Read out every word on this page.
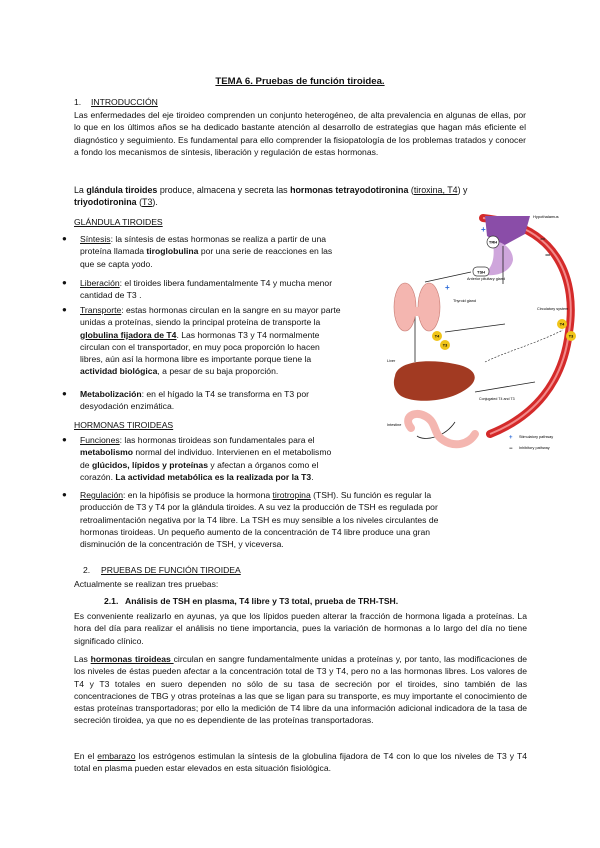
TEMA 6. Pruebas de función tiroidea.
1. INTRODUCCIÓN
Las enfermedades del eje tiroideo comprenden un conjunto heterogéneo, de alta prevalencia en algunas de ellas, por lo que en los últimos años se ha dedicado bastante atención al desarrollo de estrategias que hagan más eficiente el diagnóstico y seguimiento. Es fundamental para ello comprender la fisiopatología de los problemas tratados y conocer a fondo los mecanismos de síntesis, liberación y regulación de estas hormonas.
La glándula tiroides produce, almacena y secreta las hormonas tetrayodotironina (tiroxina, T4) y
triyodotironina (T3).
GLÁNDULA TIROIDES
● Síntesis: la síntesis de estas hormonas se realiza a partir de una
proteína llamada tiroglobulina por una serie de reacciones en las
que se capta yodo.
● Liberación: el tiroides libera fundamentalmente T4 y mucha menor
cantidad de T3 .
● Transporte: estas hormonas circulan en la sangre en su mayor parte
unidas a proteínas, siendo la principal proteína de transporte la
globulina fijadora de T4. Las hormonas T3 y T4 normalmente
circulan con el transportador, en muy poca proporción lo hacen
libres, aún así la hormona libre es importante porque tiene la
actividad biológica, a pesar de su baja proporción.
● Metabolización: en el hígado la T4 se transforma en T3 por
desyodación enzimática.
HORMONAS TIROIDEAS
● Funciones: las hormonas tiroideas son fundamentales para el
metabolismo normal del individuo. Intervienen en el metabolismo
de glúcidos, lípidos y proteínas y afectan a órganos como el
corazón. La actividad metabólica es la realizada por la T3.
● Regulación: en la hipófisis se produce la hormona tirotropina (TSH). Su función es regular la
producción de T3 y T4 por la glándula tiroides. A su vez la producción de TSH es regulada por
retroalimentación negativa por la T4 libre. La TSH es muy sensible a los niveles circulantes de
hormonas tiroideas. Un pequeño aumento de la concentración de T4 libre produce una gran
disminución de la concentración de TSH, y viceversa.
2. PRUEBAS DE FUNCIÓN TIROIDEA
Actualmente se realizan tres pruebas:
2.1. Análisis de TSH en plasma, T4 libre y T3 total, prueba de TRH-TSH.
Es conveniente realizarlo en ayunas, ya que los lípidos pueden alterar la fracción de hormona ligada a proteínas. La hora del día para realizar el análisis no tiene importancia, pues la variación de hormonas a lo largo del día no tiene significado clínico.
Las hormonas tiroideas circulan en sangre fundamentalmente unidas a proteínas y, por tanto, las modificaciones de los niveles de éstas pueden afectar a la concentración total de T3 y T4, pero no a las hormonas libres. Los valores de T4 y T3 totales en suero dependen no sólo de su tasa de secreción por el tiroides, sino también de las concentraciones de TBG y otras proteínas a las que se ligan para su transporte, es muy importante el conocimiento de estas proteínas transportadoras; por ello la medición de T4 libre da una información adicional indicadora de la tasa de secreción tiroidea, ya que no es dependiente de las proteínas transportadoras.
En el embarazo los estrógenos estimulan la síntesis de la globulina fijadora de T4 con lo que los niveles de T3 y T4 total en plasma pueden estar elevados en esta situación fisiológica.
Hypothalamus
Anterior pituitary gland
TRH
TSH
+
+
−
−
Thyroid gland
Circulatory system
T4
T3
T4
T3
Liver
Conjugated T4 and T3
Intestine
+ Stimulatory pathway
− Inhibitory pathway
